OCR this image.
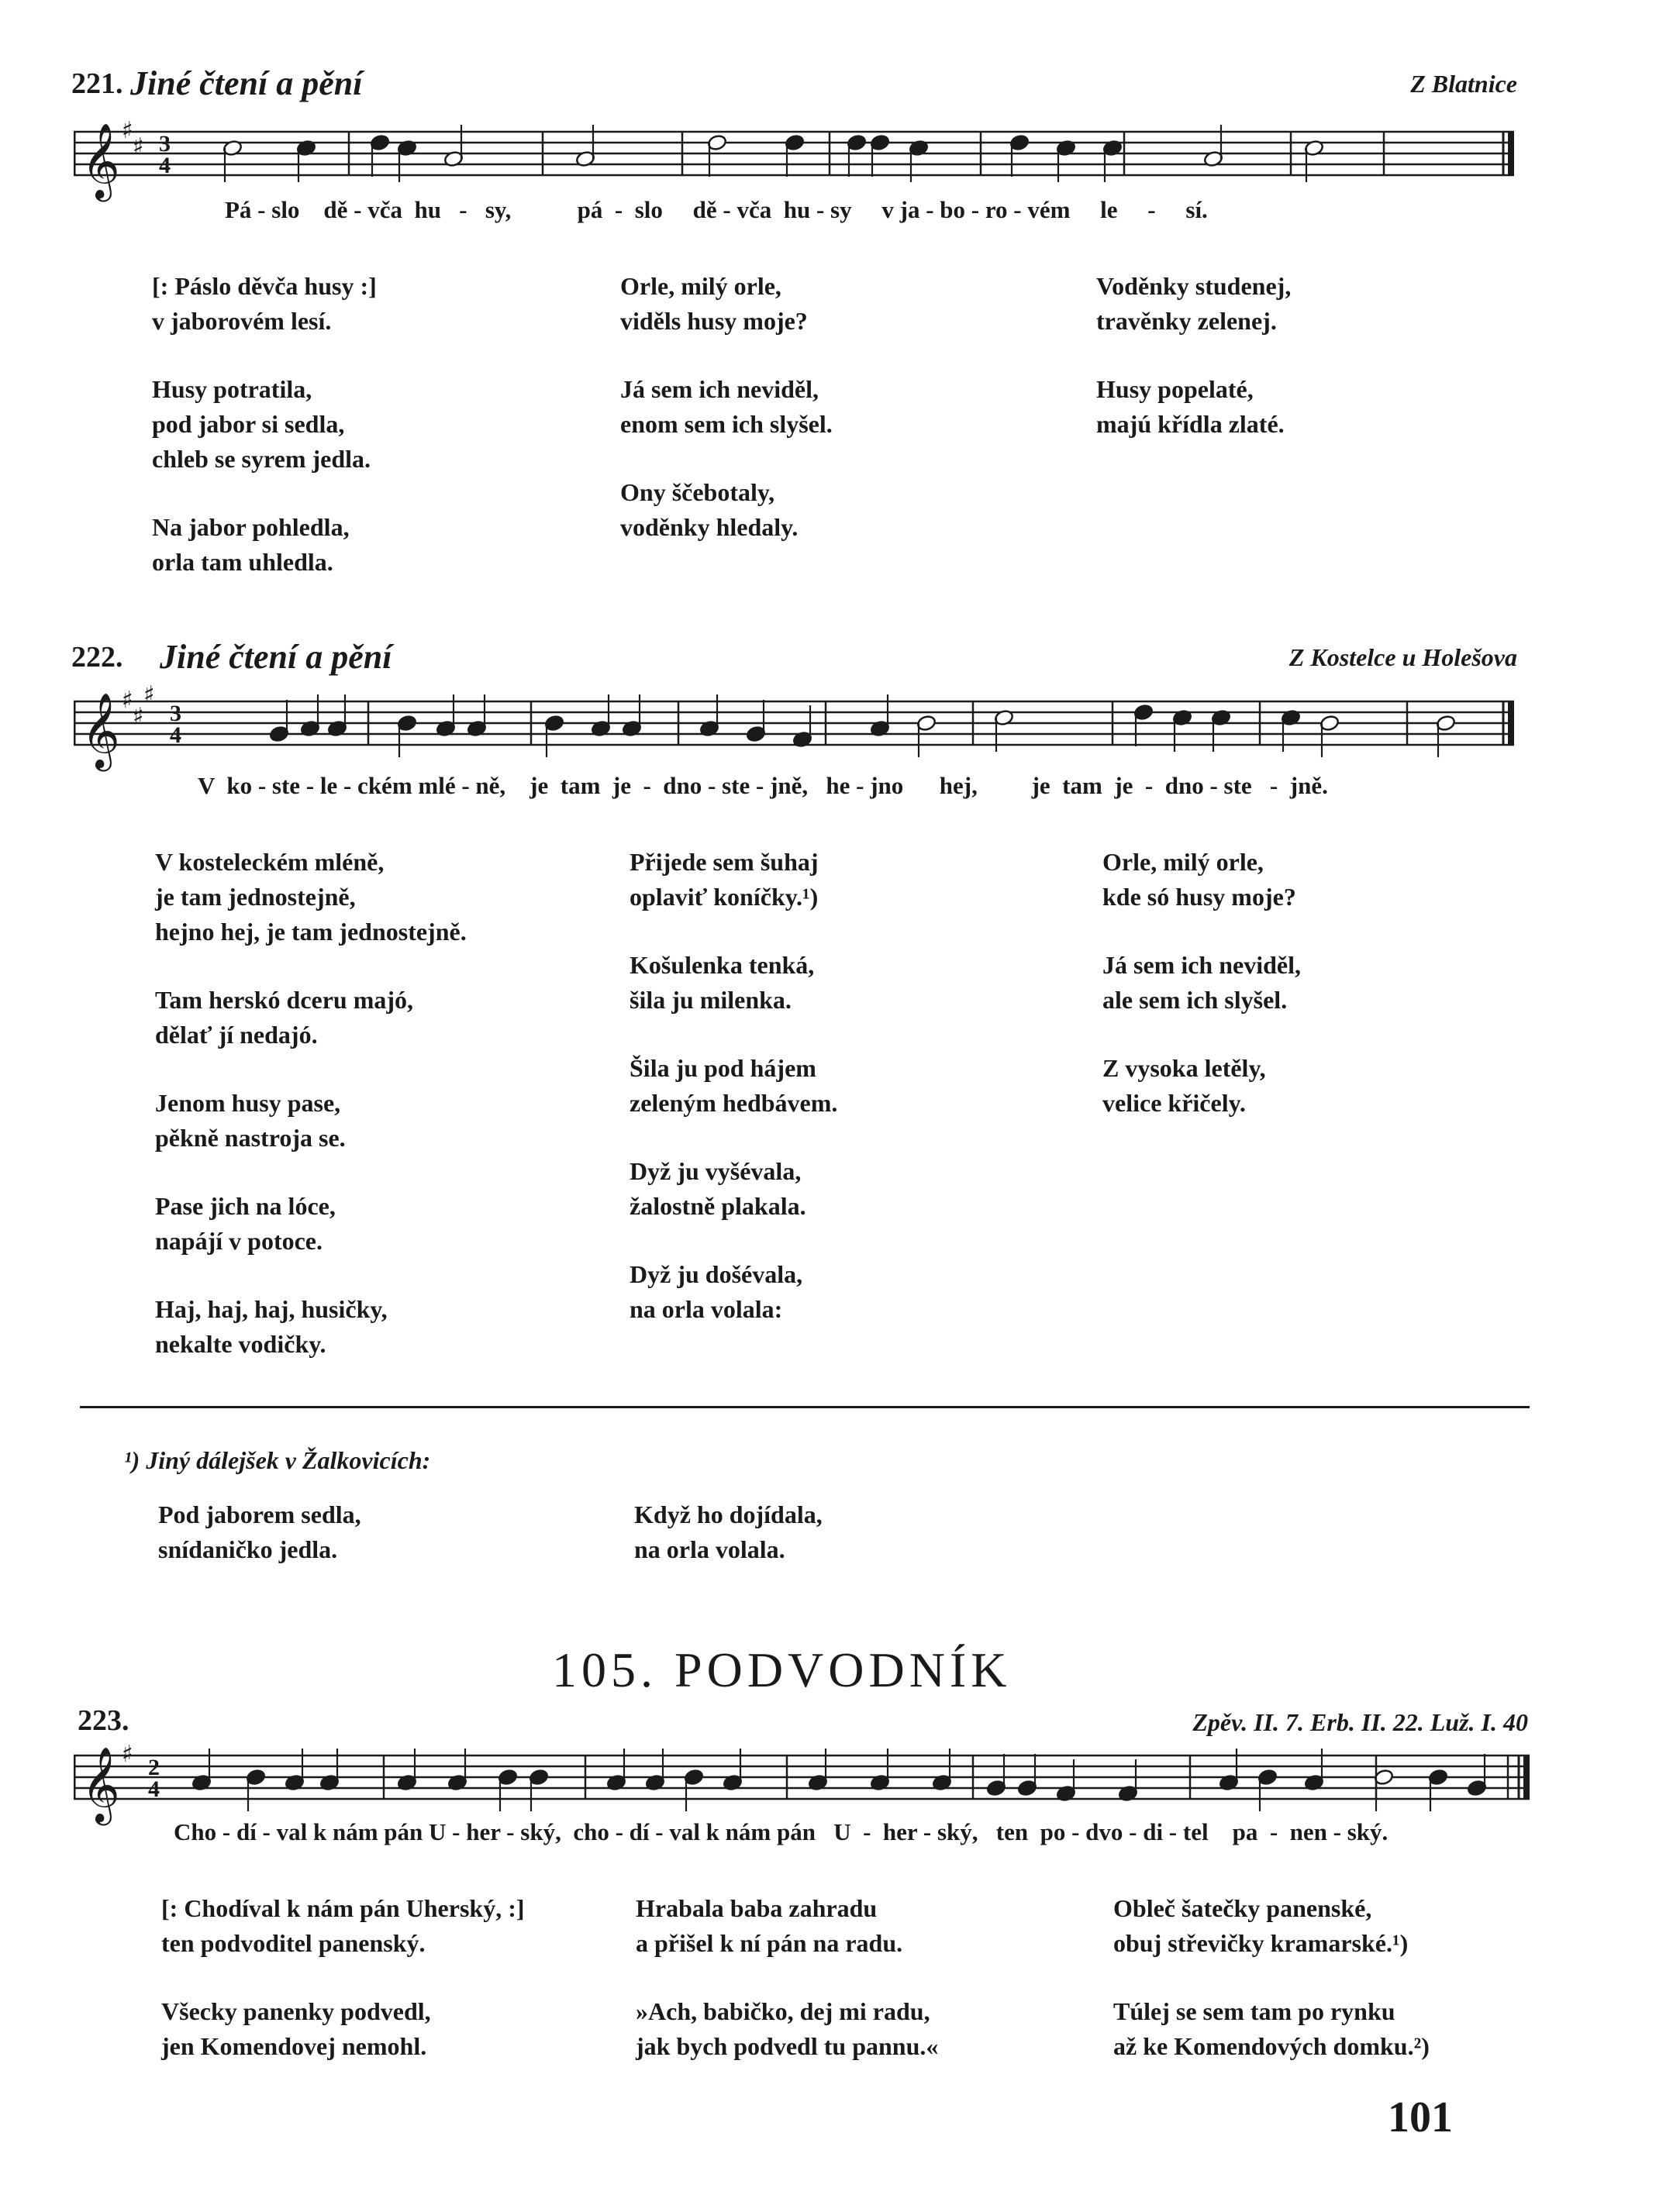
221. Jiné čtení a pění	Z Blatnice
𝄞 ♯
♯ 3
4
Pá - slo    dě - vča  hu   -   sy,           pá  -  slo     dě - vča  hu - sy     v ja - bo - ro - vém     le     -     sí.
[: Páslo děvča husy :]
v jaborovém lesí.
Husy potratila,
pod jabor si sedla,
chleb se syrem jedla.
Na jabor pohledla,
orla tam uhledla.
Orle, milý orle,
viděls husy moje?
Já sem ich neviděl,
enom sem ich slyšel.
Ony ščebotaly,
voděnky hledaly.
Voděnky studenej,
travěnky zelenej.
Husy popelaté,
majú křídla zlaté.
222. Jiné čtení a pění	Z Kostelce u Holešova
𝄞 ♯
♯
♯
3
4
V  ko - ste - le - ckém mlé - ně,    je  tam  je  -  dno - ste - jně,   he - jno      hej,         je  tam  je  -  dno - ste   -  jně.
V kosteleckém mléně,
je tam jednostejně,
hejno hej, je tam jednostejně.
Tam herskó dceru majó,
dělať jí nedajó.
Jenom husy pase,
pěkně nastroja se.
Pase jich na lóce,
napájí v potoce.
Haj, haj, haj, husičky,
nekalte vodičky.
Přijede sem šuhaj
oplaviť koníčky.¹)
Košulenka tenká,
šila ju milenka.
Šila ju pod hájem
zeleným hedbávem.
Dyž ju vyšévala,
žalostně plakala.
Dyž ju došévala,
na orla volala:
Orle, milý orle,
kde só husy moje?
Já sem ich neviděl,
ale sem ich slyšel.
Z vysoka letěly,
velice křičely.
¹) Jiný dálejšek v Žalkovicích:
Pod jaborem sedla,
snídaničko jedla.
Když ho dojídala,
na orla volala.
105. PODVODNÍK
223.	Zpěv. II. 7. Erb. II. 22. Luž. I. 40
𝄞 ♯ 2
4
Cho - dí - val k nám pán U - her - ský,  cho - dí - val k nám pán   U  -  her - ský,   ten  po - dvo - di - tel    pa  -  nen - ský.
[: Chodíval k nám pán Uherský, :]
ten podvoditel panenský.
Všecky panenky podvedl,
jen Komendovej nemohl.
Hrabala baba zahradu
a přišel k ní pán na radu.
»Ach, babičko, dej mi radu,
jak bych podvedl tu pannu.«
Obleč šatečky panenské,
obuj střevičky kramarské.¹)
Túlej se sem tam po rynku
až ke Komendových domku.²)
101
